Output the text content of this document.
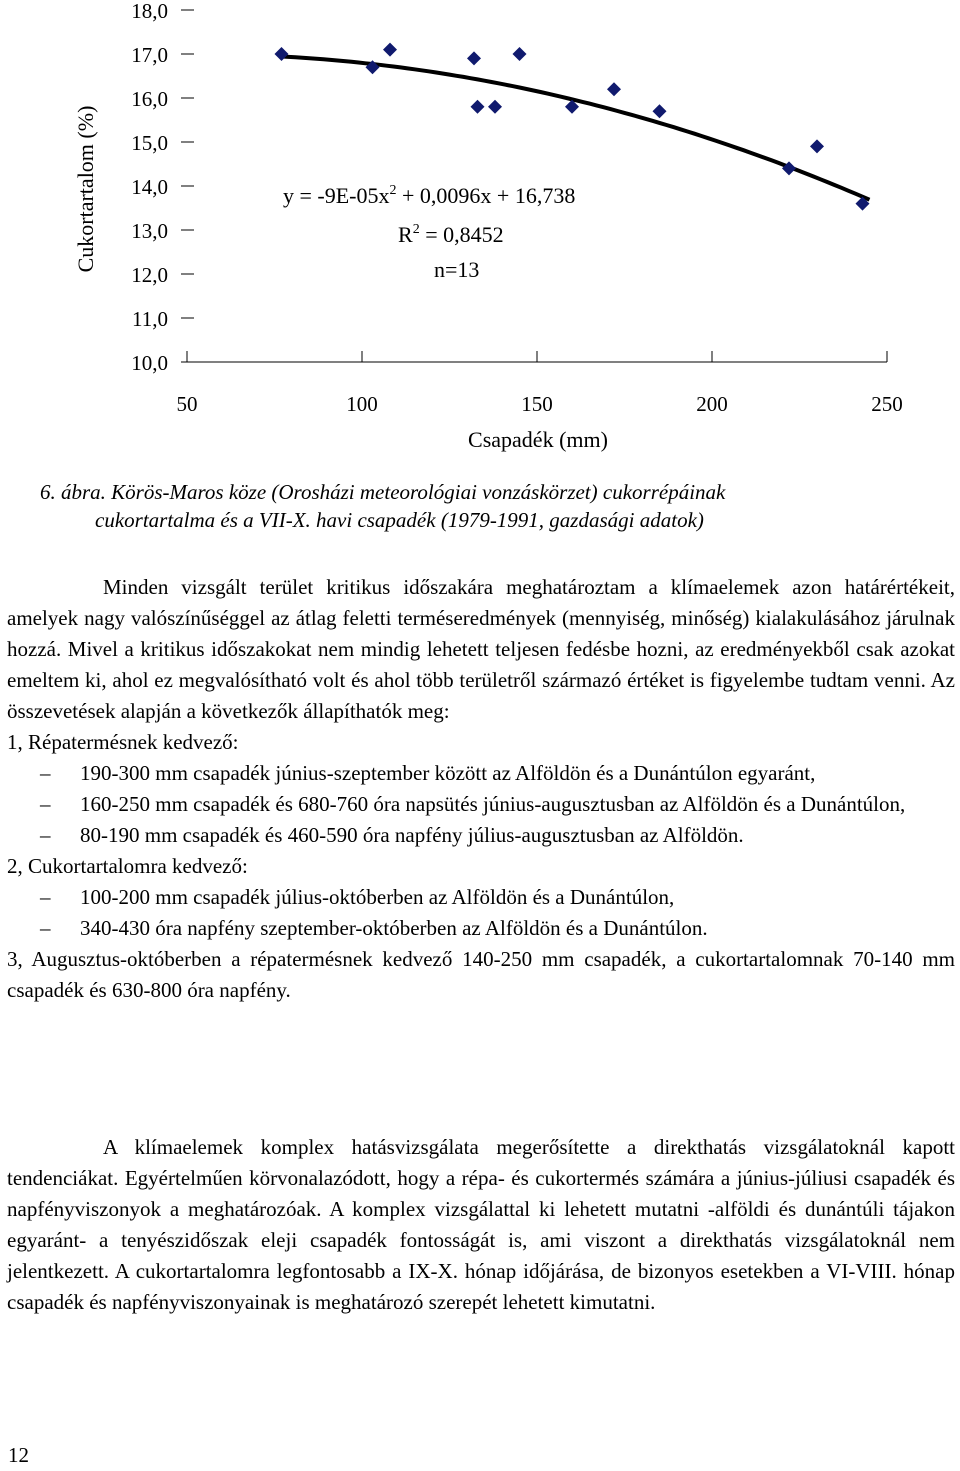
18,0
17,0
16,0
15,0
14,0
13,0
12,0
11,0
10,0
50	100	150	200	250
Cukortartalom (%)
Csapadék (mm)
$y = -9E-05x^2 + 0,0096x + 16,738$
$R^2 = 0,8452$
n=13
6. ábra. Körös-Maros köze (Orosházi meteorológiai vonzáskörzet) cukorrépáinak
cukortartalma és a VII-X. havi csapadék (1979-1991, gazdasági adatok)

Minden vizsgált terület kritikus időszakára meghatároztam a klímaelemek azon határértékeit, amelyek nagy valószínűséggel az átlag feletti terméseredmények (mennyiség, minőség) kialakulásához járulnak hozzá. Mivel a kritikus időszakokat nem mindig lehetett teljesen fedésbe hozni, az eredményekből csak azokat emeltem ki, ahol ez megvalósítható volt és ahol több területről származó értéket is figyelembe tudtam venni. Az összevetések alapján a következők állapíthatók meg:

1, Répatermésnek kedvező:

– 190-300 mm csapadék június-szeptember között az Alföldön és a Dunántúlon egyaránt,
– 160-250 mm csapadék és 680-760 óra napsütés június-augusztusban az Alföldön és a Dunántúlon,
– 80-190 mm csapadék és 460-590 óra napfény július-augusztusban az Alföldön.

2, Cukortartalomra kedvező:

– 100-200 mm csapadék július-októberben az Alföldön és a Dunántúlon,
– 340-430 óra napfény szeptember-októberben az Alföldön és a Dunántúlon.

3, Augusztus-októberben a répatermésnek kedvező 140-250 mm csapadék, a cukortartalomnak 70-140 mm csapadék és 630-800 óra napfény.

A klímaelemek komplex hatásvizsgálata megerősítette a direkthatás vizsgálatoknál kapott tendenciákat. Egyértelműen körvonalazódott, hogy a répa- és cukortermés számára a június-júliusi csapadék és napfényviszonyok a meghatározóak. A komplex vizsgálattal ki lehetett mutatni -alföldi és dunántúli tájakon egyaránt- a tenyészidőszak eleji csapadék fontosságát is, ami viszont a direkthatás vizsgálatoknál nem jelentkezett. A cukortartalomra legfontosabb a IX-X. hónap időjárása, de bizonyos esetekben a VI-VIII. hónap csapadék és napfényviszonyainak is meghatározó szerepét lehetett kimutatni.

12
